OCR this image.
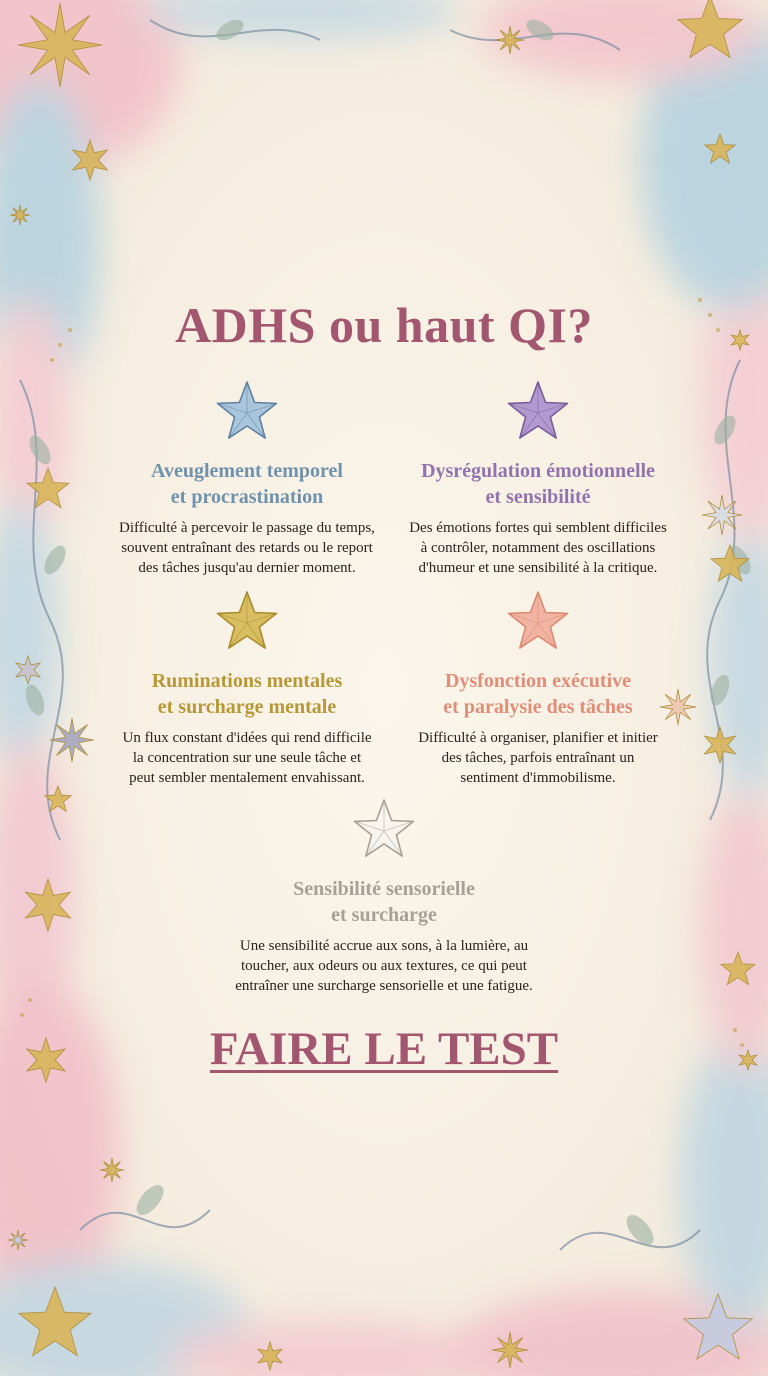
ADHS ou haut QI?
Aveuglement temporel
et procrastination

Difficulté à percevoir le passage du temps,
souvent entraînant des retards ou le report
des tâches jusqu'au dernier moment.

Dysrégulation émotionnelle
et sensibilité

Des émotions fortes qui semblent difficiles
à contrôler, notamment des oscillations
d'humeur et une sensibilité à la critique.

Ruminations mentales
et surcharge mentale

Un flux constant d'idées qui rend difficile
la concentration sur une seule tâche et
peut sembler mentalement envahissant.

Dysfonction exécutive
et paralysie des tâches

Difficulté à organiser, planifier et initier
des tâches, parfois entraînant un
sentiment d'immobilisme.

Sensibilité sensorielle
et surcharge

Une sensibilité accrue aux sons, à la lumière, au
toucher, aux odeurs ou aux textures, ce qui peut
entraîner une surcharge sensorielle et une fatigue.

FAIRE LE TEST
